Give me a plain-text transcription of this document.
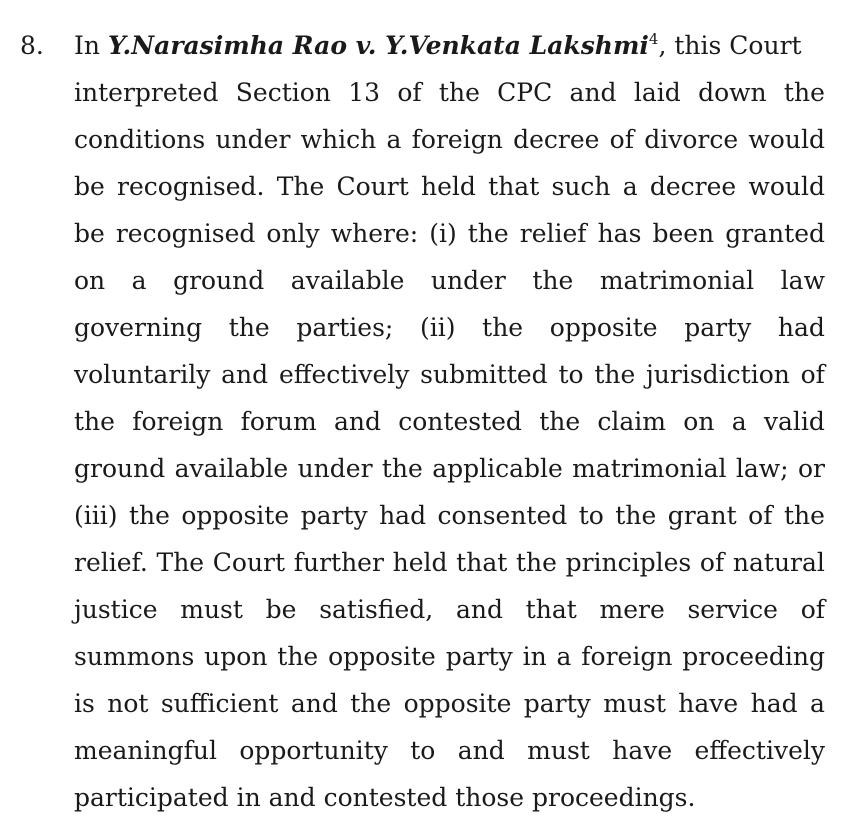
8. In Y.Narasimha Rao v. Y.Venkata Lakshmi$^4$, this Court
interpreted Section 13 of the CPC and laid down the
conditions under which a foreign decree of divorce would
be recognised. The Court held that such a decree would
be recognised only where: (i) the relief has been granted
on a ground available under the matrimonial law
governing the parties; (ii) the opposite party had
voluntarily and effectively submitted to the jurisdiction of
the foreign forum and contested the claim on a valid
ground available under the applicable matrimonial law; or
(iii) the opposite party had consented to the grant of the
relief. The Court further held that the principles of natural
justice must be satisfied, and that mere service of
summons upon the opposite party in a foreign proceeding
is not sufficient and the opposite party must have had a
meaningful opportunity to and must have effectively
participated in and contested those proceedings.
